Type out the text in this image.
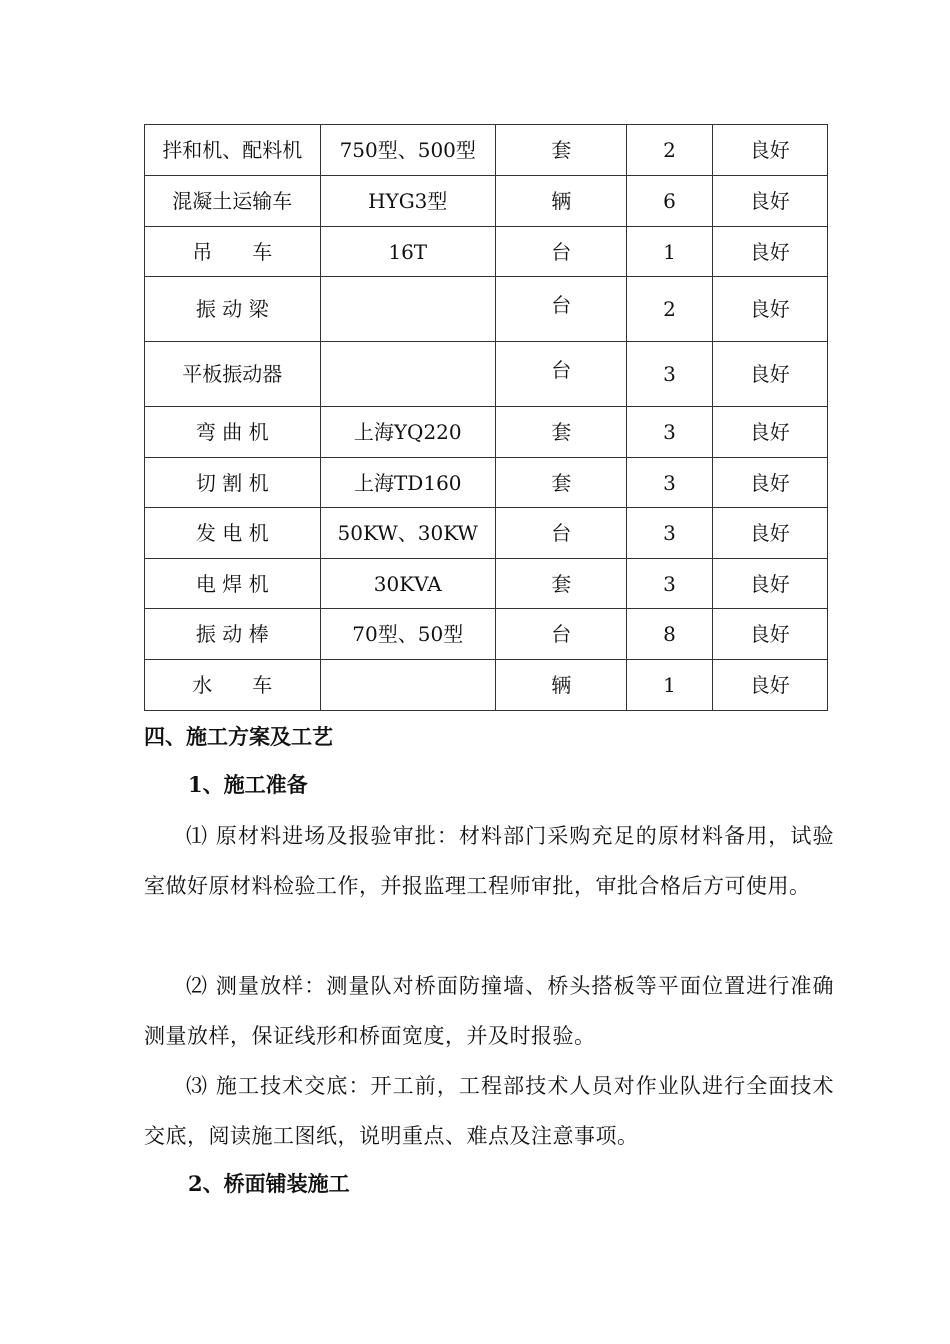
拌和机、配料机	750型、500型	套	2	良好
混凝土运输车	HYG3型	辆	6	良好
吊　　车	16T	台	1	良好
振 动 梁		台	2	良好
平板振动器		台	3	良好
弯 曲 机	上海YQ220	套	3	良好
切 割 机	上海TD160	套	3	良好
发 电 机	50KW、30KW	台	3	良好
电 焊 机	30KVA	套	3	良好
振 动 棒	70型、50型	台	8	良好
水　　车		辆	1	良好
四、施工方案及工艺
1、施工准备
⑴ 原材料进场及报验审批：材料部门采购充足的原材料备用，试验室做好原材料检验工作，并报监理工程师审批，审批合格后方可使用。
⑵ 测量放样：测量队对桥面防撞墙、桥头搭板等平面位置进行准确测量放样，保证线形和桥面宽度，并及时报验。
⑶ 施工技术交底：开工前，工程部技术人员对作业队进行全面技术交底，阅读施工图纸，说明重点、难点及注意事项。
2、桥面铺装施工
